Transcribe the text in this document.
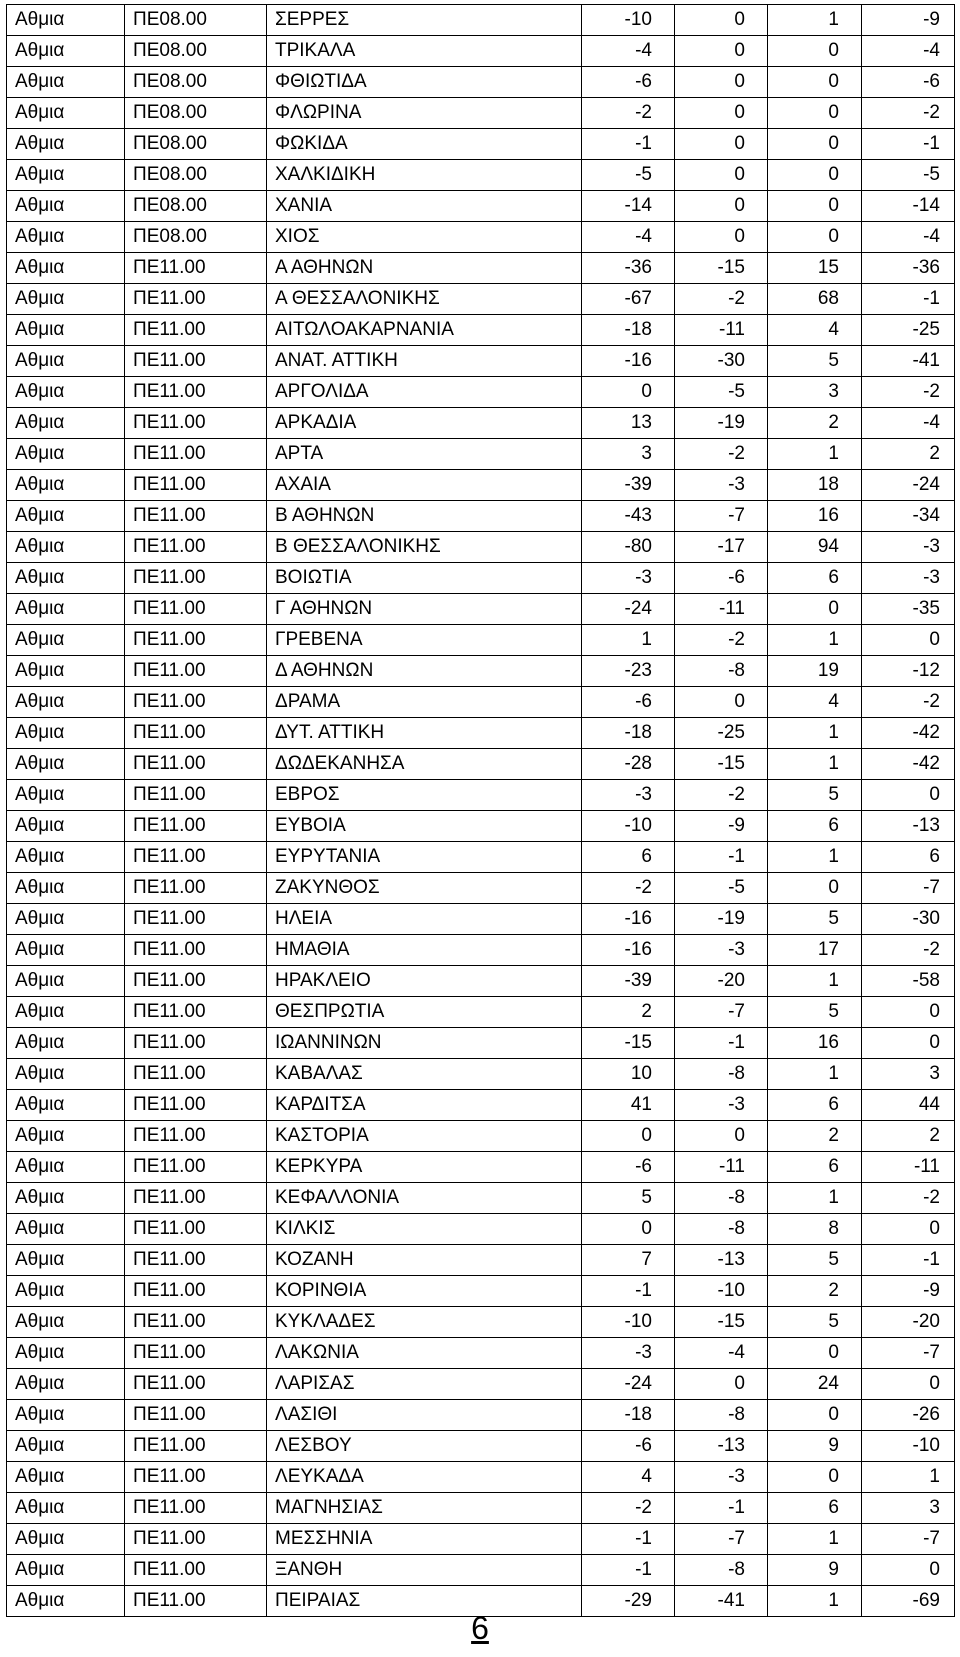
Αθμια	ΠΕ08.00	ΣΕΡΡΕΣ	-10	0	1	-9
Αθμια	ΠΕ08.00	ΤΡΙΚΑΛΑ	-4	0	0	-4
Αθμια	ΠΕ08.00	ΦΘΙΩΤΙΔΑ	-6	0	0	-6
Αθμια	ΠΕ08.00	ΦΛΩΡΙΝΑ	-2	0	0	-2
Αθμια	ΠΕ08.00	ΦΩΚΙΔΑ	-1	0	0	-1
Αθμια	ΠΕ08.00	ΧΑΛΚΙΔΙΚΗ	-5	0	0	-5
Αθμια	ΠΕ08.00	ΧΑΝΙΑ	-14	0	0	-14
Αθμια	ΠΕ08.00	ΧΙΟΣ	-4	0	0	-4
Αθμια	ΠΕ11.00	Α ΑΘΗΝΩΝ	-36	-15	15	-36
Αθμια	ΠΕ11.00	Α ΘΕΣΣΑΛΟΝΙΚΗΣ	-67	-2	68	-1
Αθμια	ΠΕ11.00	ΑΙΤΩΛΟΑΚΑΡΝΑΝΙΑ	-18	-11	4	-25
Αθμια	ΠΕ11.00	ΑΝΑΤ. ΑΤΤΙΚΗ	-16	-30	5	-41
Αθμια	ΠΕ11.00	ΑΡΓΟΛΙΔΑ	0	-5	3	-2
Αθμια	ΠΕ11.00	ΑΡΚΑΔΙΑ	13	-19	2	-4
Αθμια	ΠΕ11.00	ΑΡΤΑ	3	-2	1	2
Αθμια	ΠΕ11.00	ΑΧΑΙΑ	-39	-3	18	-24
Αθμια	ΠΕ11.00	Β ΑΘΗΝΩΝ	-43	-7	16	-34
Αθμια	ΠΕ11.00	Β ΘΕΣΣΑΛΟΝΙΚΗΣ	-80	-17	94	-3
Αθμια	ΠΕ11.00	ΒΟΙΩΤΙΑ	-3	-6	6	-3
Αθμια	ΠΕ11.00	Γ ΑΘΗΝΩΝ	-24	-11	0	-35
Αθμια	ΠΕ11.00	ΓΡΕΒΕΝΑ	1	-2	1	0
Αθμια	ΠΕ11.00	Δ ΑΘΗΝΩΝ	-23	-8	19	-12
Αθμια	ΠΕ11.00	ΔΡΑΜΑ	-6	0	4	-2
Αθμια	ΠΕ11.00	ΔΥΤ. ΑΤΤΙΚΗ	-18	-25	1	-42
Αθμια	ΠΕ11.00	ΔΩΔΕΚΑΝΗΣΑ	-28	-15	1	-42
Αθμια	ΠΕ11.00	ΕΒΡΟΣ	-3	-2	5	0
Αθμια	ΠΕ11.00	ΕΥΒΟΙΑ	-10	-9	6	-13
Αθμια	ΠΕ11.00	ΕΥΡΥΤΑΝΙΑ	6	-1	1	6
Αθμια	ΠΕ11.00	ΖΑΚΥΝΘΟΣ	-2	-5	0	-7
Αθμια	ΠΕ11.00	ΗΛΕΙΑ	-16	-19	5	-30
Αθμια	ΠΕ11.00	ΗΜΑΘΙΑ	-16	-3	17	-2
Αθμια	ΠΕ11.00	ΗΡΑΚΛΕΙΟ	-39	-20	1	-58
Αθμια	ΠΕ11.00	ΘΕΣΠΡΩΤΙΑ	2	-7	5	0
Αθμια	ΠΕ11.00	ΙΩΑΝΝΙΝΩΝ	-15	-1	16	0
Αθμια	ΠΕ11.00	ΚΑΒΑΛΑΣ	10	-8	1	3
Αθμια	ΠΕ11.00	ΚΑΡΔΙΤΣΑ	41	-3	6	44
Αθμια	ΠΕ11.00	ΚΑΣΤΟΡΙΑ	0	0	2	2
Αθμια	ΠΕ11.00	ΚΕΡΚΥΡΑ	-6	-11	6	-11
Αθμια	ΠΕ11.00	ΚΕΦΑΛΛΟΝΙΑ	5	-8	1	-2
Αθμια	ΠΕ11.00	ΚΙΛΚΙΣ	0	-8	8	0
Αθμια	ΠΕ11.00	ΚΟΖΑΝΗ	7	-13	5	-1
Αθμια	ΠΕ11.00	ΚΟΡΙΝΘΙΑ	-1	-10	2	-9
Αθμια	ΠΕ11.00	ΚΥΚΛΑΔΕΣ	-10	-15	5	-20
Αθμια	ΠΕ11.00	ΛΑΚΩΝΙΑ	-3	-4	0	-7
Αθμια	ΠΕ11.00	ΛΑΡΙΣΑΣ	-24	0	24	0
Αθμια	ΠΕ11.00	ΛΑΣΙΘΙ	-18	-8	0	-26
Αθμια	ΠΕ11.00	ΛΕΣΒΟΥ	-6	-13	9	-10
Αθμια	ΠΕ11.00	ΛΕΥΚΑΔΑ	4	-3	0	1
Αθμια	ΠΕ11.00	ΜΑΓΝΗΣΙΑΣ	-2	-1	6	3
Αθμια	ΠΕ11.00	ΜΕΣΣΗΝΙΑ	-1	-7	1	-7
Αθμια	ΠΕ11.00	ΞΑΝΘΗ	-1	-8	9	0
Αθμια	ΠΕ11.00	ΠΕΙΡΑΙΑΣ	-29	-41	1	-69
6
